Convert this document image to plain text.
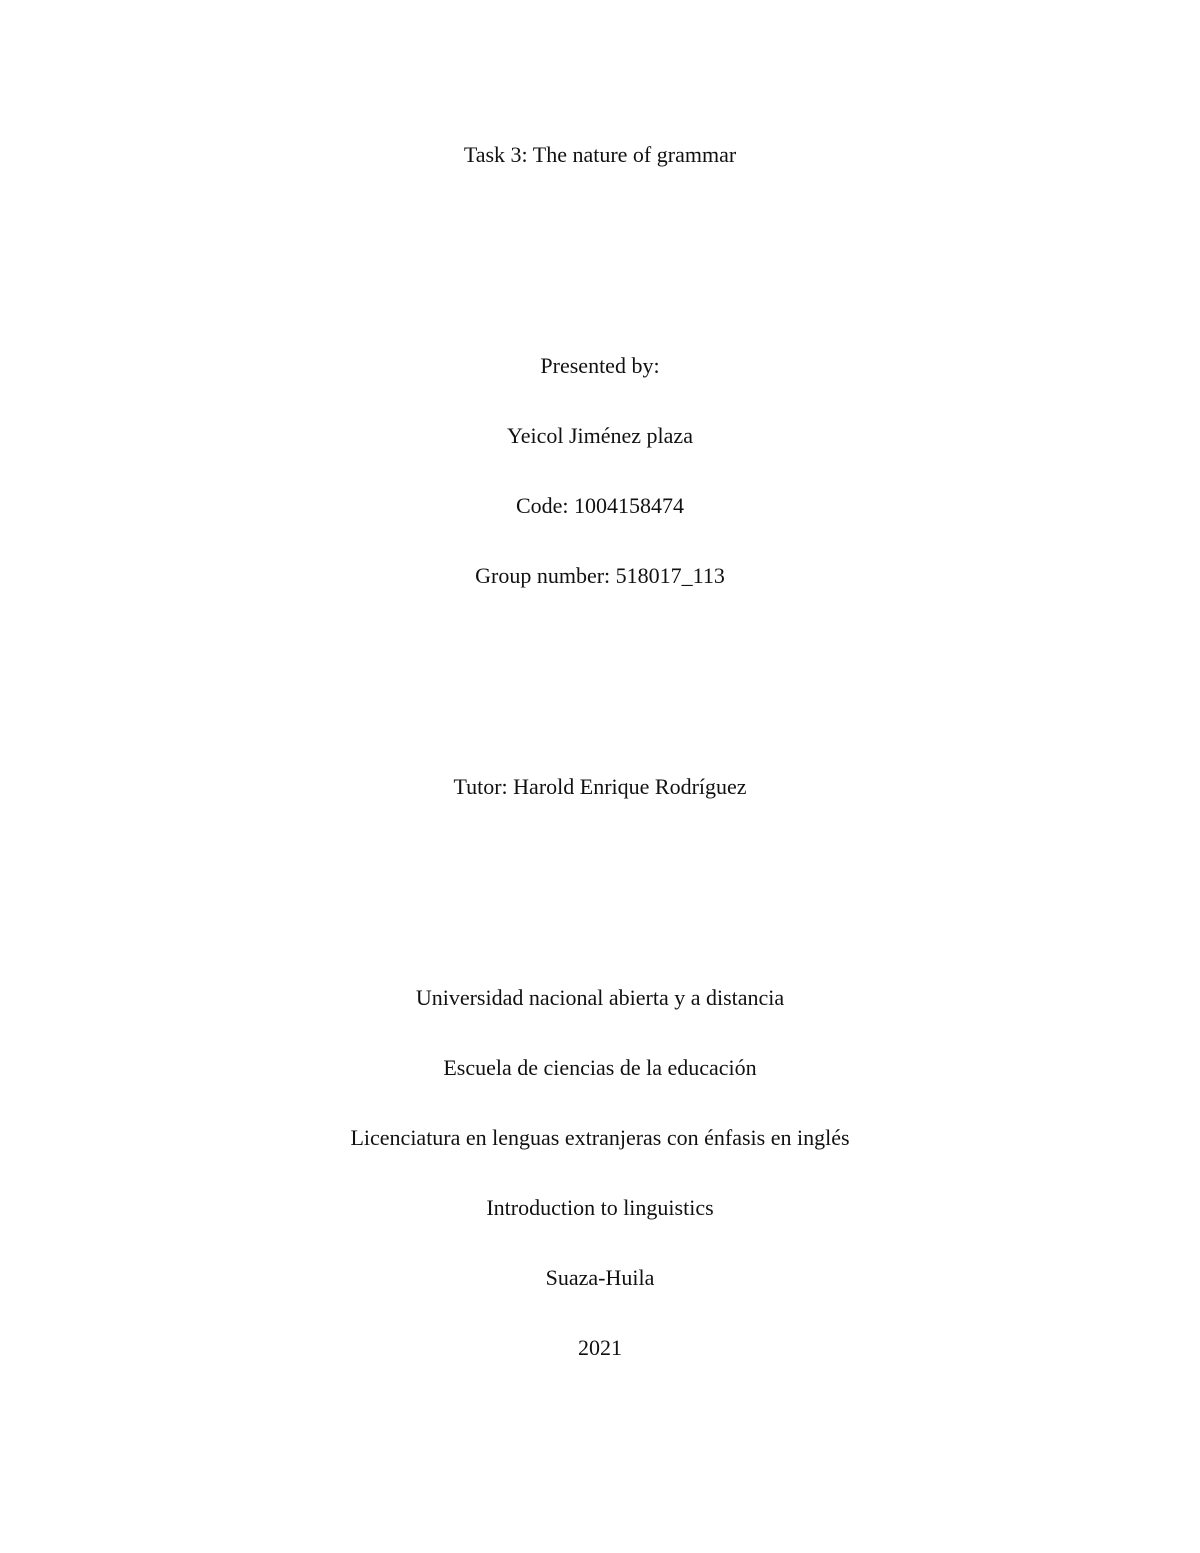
Task 3: The nature of grammar
Presented by:
Yeicol Jiménez plaza
Code: 1004158474
Group number: 518017_113
Tutor: Harold Enrique Rodríguez
Universidad nacional abierta y a distancia
Escuela de ciencias de la educación
Licenciatura en lenguas extranjeras con énfasis en inglés
Introduction to linguistics
Suaza-Huila
2021
